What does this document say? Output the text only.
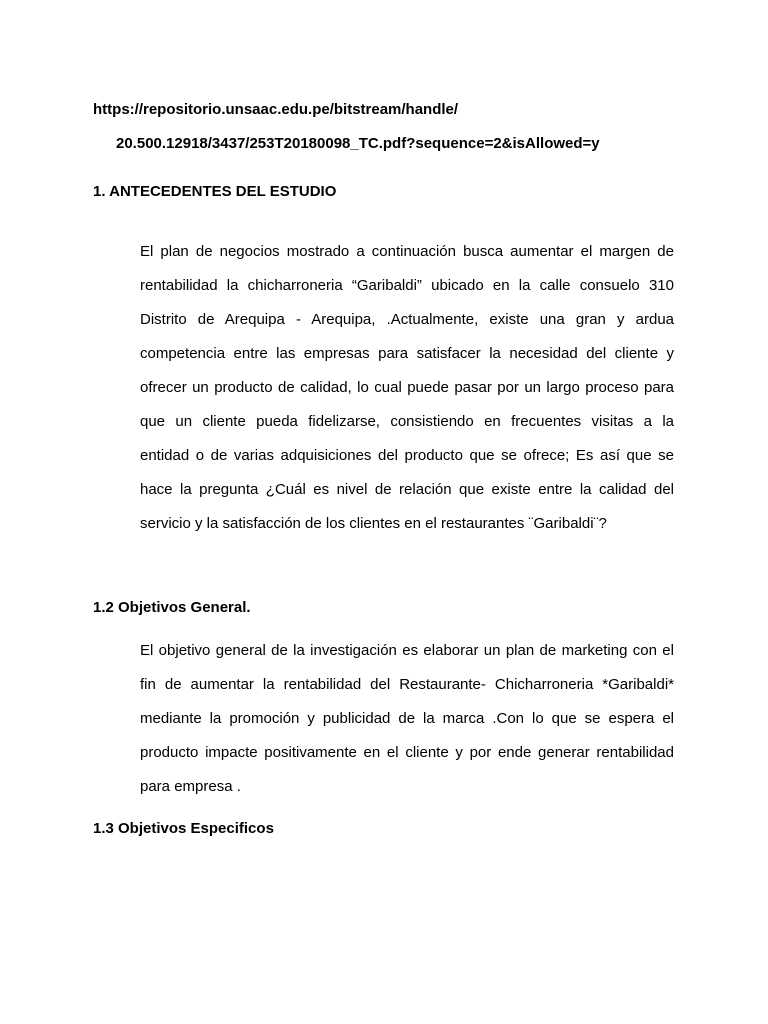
https://repositorio.unsaac.edu.pe/bitstream/handle/
20.500.12918/3437/253T20180098_TC.pdf?sequence=2&isAllowed=y
1. ANTECEDENTES DEL ESTUDIO
El plan de negocios mostrado a continuación busca aumentar el margen de
rentabilidad la chicharroneria “Garibaldi” ubicado en la calle consuelo 310
Distrito de Arequipa - Arequipa, .Actualmente, existe una gran y ardua
competencia entre las empresas para satisfacer la necesidad del cliente y
ofrecer un producto de calidad, lo cual puede pasar por un largo proceso para
que un cliente pueda fidelizarse, consistiendo en frecuentes visitas a la
entidad o de varias adquisiciones del producto que se ofrece; Es así que se
hace la pregunta ¿Cuál es nivel de relación que existe entre la calidad del
servicio y la satisfacción de los clientes en el restaurantes ¨Garibaldi¨?
1.2 Objetivos General.
El objetivo general de la investigación es elaborar un plan de marketing con el
fin de aumentar la rentabilidad del Restaurante- Chicharroneria *Garibaldi*
mediante la promoción y publicidad de la marca .Con lo que se espera el
producto impacte positivamente en el cliente y por ende generar rentabilidad
para empresa .
1.3 Objetivos Especificos
